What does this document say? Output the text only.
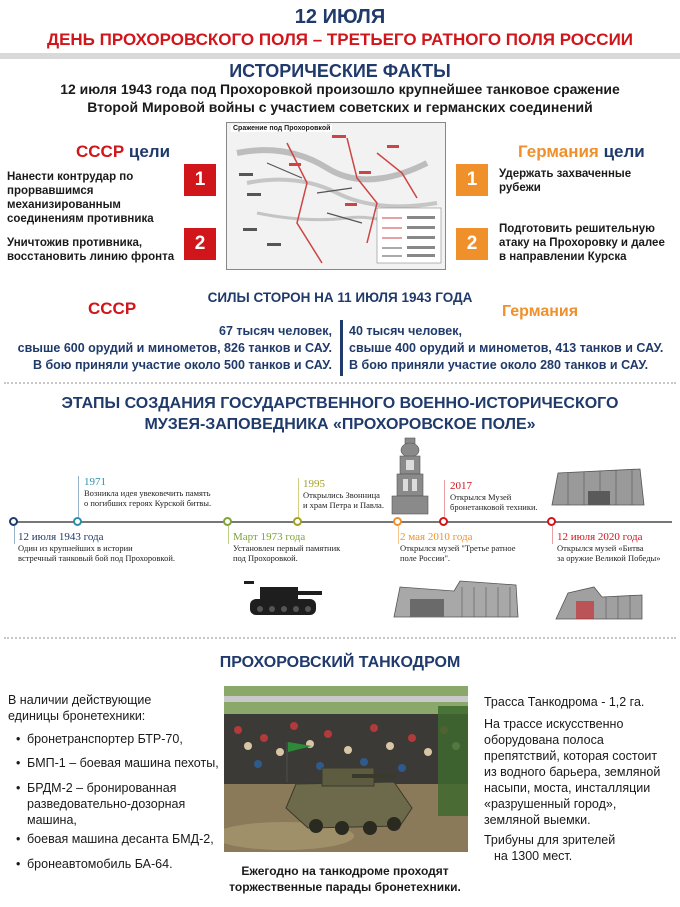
12 ИЮЛЯ
ДЕНЬ ПРОХОРОВСКОГО ПОЛЯ – ТРЕТЬЕГО РАТНОГО ПОЛЯ РОССИИ
ИСТОРИЧЕСКИЕ ФАКТЫ
12 июля 1943 года под Прохоровкой произошло крупнейшее танковое сражение
Второй Мировой войны с участием советских и германских соединений
СССР цели
Нанести контрудар по
прорвавшимся
механизированным
соединениям противника
1
Уничтожив противника,
восстановить линию фронта
2
Германия цели
1	Удержать захваченные
рубежи
2
Подготовить решительную
атаку на Прохоровку и далее
в направлении Курска
Сражение под Прохоровкой
СИЛЫ СТОРОН НА 11 ИЮЛЯ 1943 ГОДА
СССР	Германия
67 тысяч человек,
свыше 600 орудий и минометов, 826 танков и САУ.
В бою приняли участие около 500 танков и САУ.
40 тысяч человек,
свыше 400 орудий и минометов, 413 танков и САУ.
В бою приняли участие около 280 танков и САУ.
ЭТАПЫ СОЗДАНИЯ ГОСУДАРСТВЕННОГО ВОЕННО-ИСТОРИЧЕСКОГО
МУЗЕЯ-ЗАПОВЕДНИКА «ПРОХОРОВСКОЕ ПОЛЕ»
12 июля 1943 года
Один из крупнейших в истории
встречный танковый бой под Прохоровкой.
1971
Возникла идея увековечить память
о погибших героях Курской битвы.
Март 1973 года
Установлен первый памятник
под Прохоровкой.
1995
Открылись Звонница
и храм Петра и Павла.
2 мая 2010 года
Открылся музей "Третье ратное
поле России".
2017
Открылся Музей
бронетанковой техники.
12 июля 2020 года
Открылся музей «Битва
за оружие Великой Победы»
ПРОХОРОВСКИЙ ТАНКОДРОМ
В наличии действующие
единицы бронетехники:
• бронетранспортер БТР-70,
• БМП-1 – боевая машина пехоты,
• БРДМ-2 – бронированная
разведовательно-дозорная
машина,
• боевая машина десанта БМД-2,
• бронеавтомобиль БА-64.	Ежегодно на танкодроме проходят
торжественные парады бронетехники.
Трасса Танкодрома - 1,2 га.
На трассе искусственно
оборудована полоса
препятствий, которая состоит
из водного барьера, земляной
насыпи, моста, инсталляции
«разрушенный город»,
земляной выемки.
Трибуны для зрителей
на 1300 мест.
